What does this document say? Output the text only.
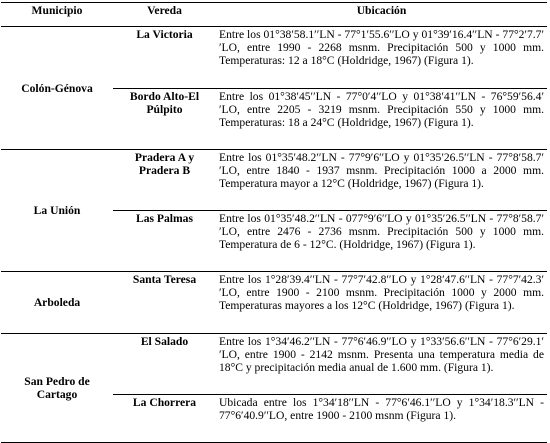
Municipio	Vereda	Ubicación
Colón-Génova	La Victoria	Entre los 01°38′58.1′′LN - 77°1′55.6′′LO y 01°39′16.4′′LN - 77°2′7.7′′LO, entre 1990 - 2268 msnm. Precipitación 500 y 1000 mm. Temperaturas: 12 a 18°C (Holdridge, 1967) (Figura 1).
	Bordo Alto-El Púlpito	Entre los 01°38′45′′LN - 77°0′4′′LO y 01°38′41′′LN - 76°59′56.4′′LO, entre 2205 - 3219 msnm. Precipitación 550 y 1000 mm. Temperaturas: 18 a 24°C (Holdridge, 1967) (Figura 1).
La Unión	Pradera A y Pradera B	Entre los 01°35′48.2′′LN - 77°9′6′′LO y 01°35′26.5′′LN - 77°8′58.7′′LO, entre 1840 - 1937 msnm. Precipitación 1000 a 2000 mm. Temperatura mayor a 12°C (Holdridge, 1967) (Figura 1).
	Las Palmas	Entre los 01°35′48.2′′LN - 077°9′6′′LO y 01°35′26.5′′LN - 77°8′58.7′′LO, entre 2476 - 2736 msnm. Precipitación 500 y 1000 mm. Temperatura de 6 - 12°C. (Holdridge, 1967) (Figura 1).
Arboleda	Santa Teresa	Entre los 1°28′39.4′′LN - 77°7′42.8′′LO y 1°28′47.6′′LN - 77°7′42.3′′LO, entre 1900 - 2100 msnm. Precipitación 1000 y 2000 mm. Temperaturas mayores a los 12°C (Holdridge, 1967) (Figura 1).
San Pedro de Cartago	El Salado	Entre los 1°34′46.2′′LN - 77°6′46.9′′LO y 1°33′56.6′′LN - 77°6′29.1′′LO, entre 1900 - 2142 msnm. Presenta una temperatura media de 18°C y precipitación media anual de 1.600 mm. (Figura 1).
	La Chorrera	Ubicada entre los 1°34′18′′LN - 77°6′46.1′′LO y 1°34′18.3′′LN - 77°6′40.9′′LO, entre 1900 - 2100 msnm (Figura 1).
